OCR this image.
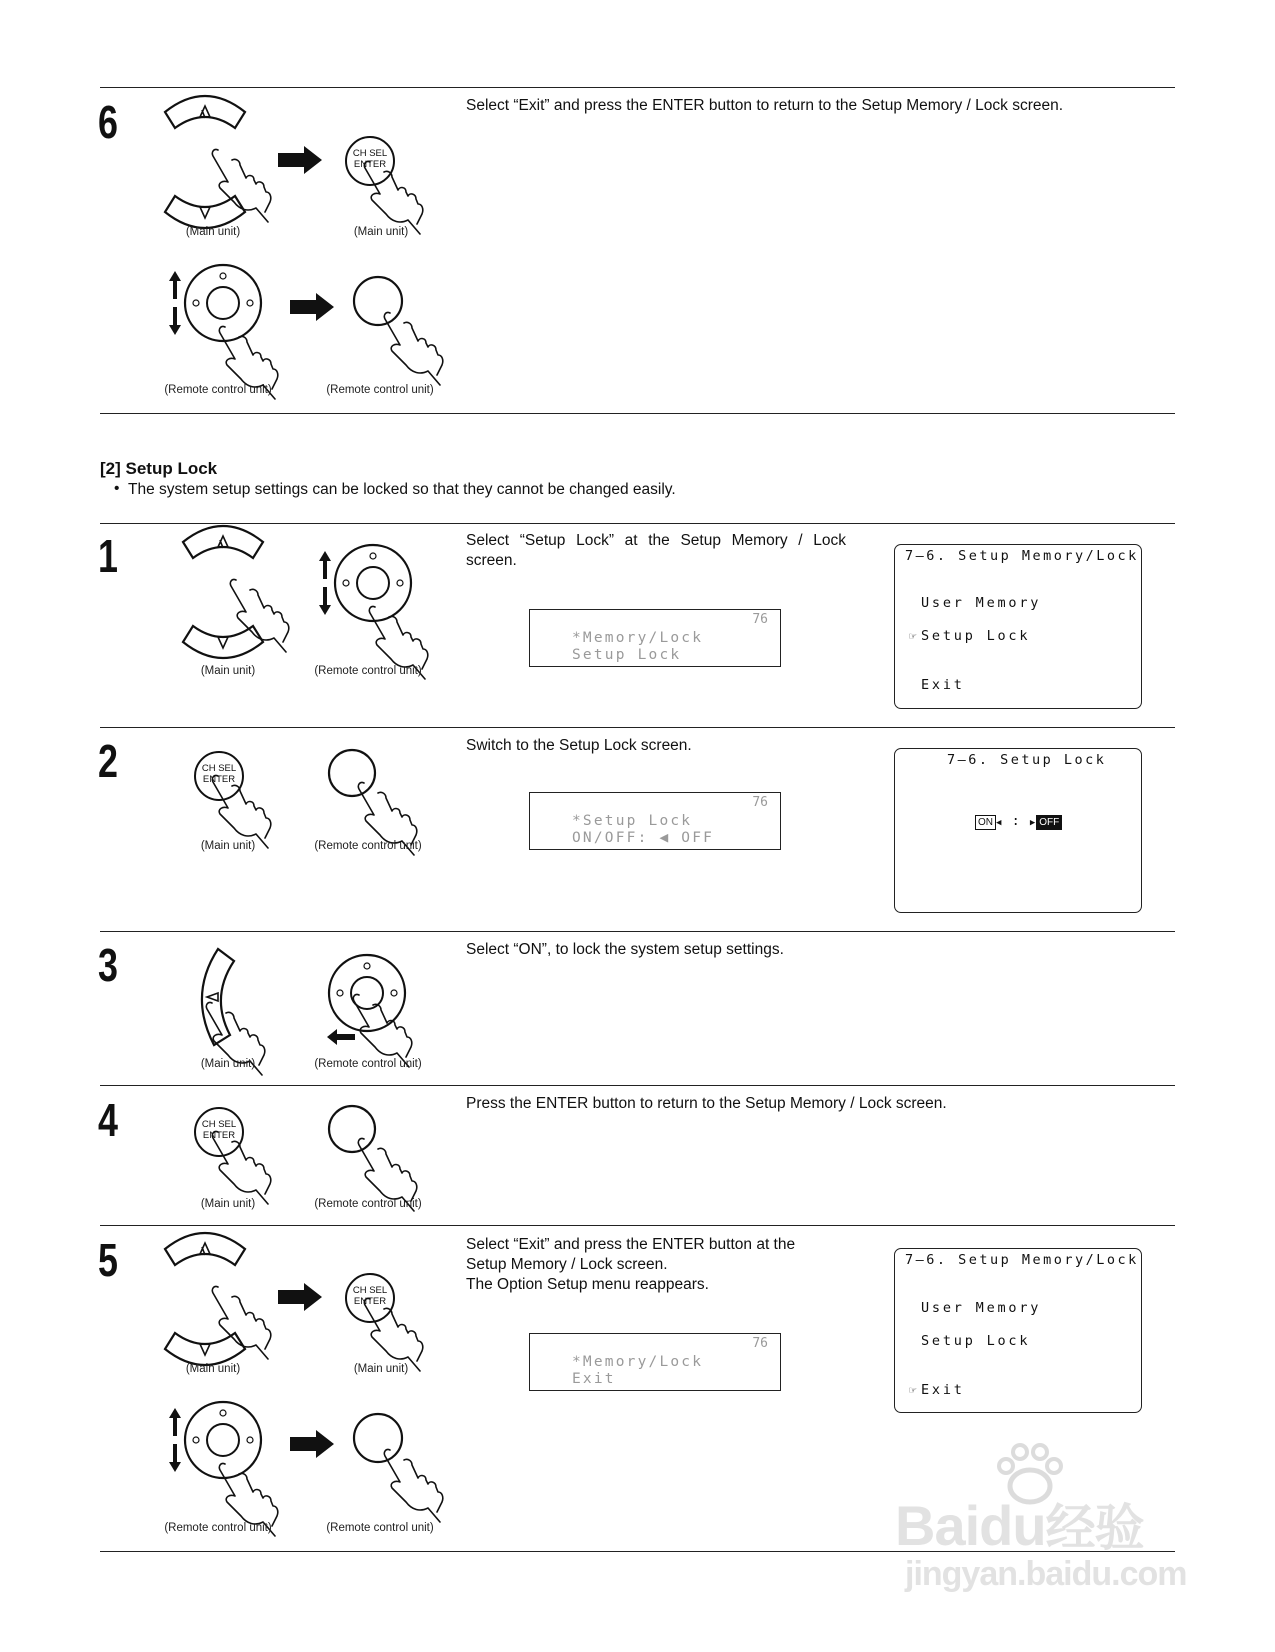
6
CH SEL
ENTER
(Main unit)	(Main unit)
(Remote control unit)	(Remote control unit)
Select “Exit” and press the ENTER button to return to the Setup Memory / Lock screen.
[2] Setup Lock
• The system setup settings can be locked so that they cannot be changed easily.
1
(Main unit)	(Remote control unit)
Select “Setup Lock” at the Setup Memory / Lock screen.
76
*Memory/Lock
Setup Lock
7—6. Setup Memory/Lock
User Memory
☞ Setup Lock
Exit
2	CH SEL
ENTER
(Main unit)	(Remote control unit)
Switch to the Setup Lock screen.
76
*Setup Lock
ON/OFF: ◀ OFF
7—6. Setup Lock
ON ◀ : ▶ OFF
3
(Main unit)	(Remote control unit)
Select “ON”, to lock the system setup settings.
4	CH SEL
ENTER
(Main unit)	(Remote control unit)
Press the ENTER button to return to the Setup Memory / Lock screen.
5
CH SEL
ENTER
(Main unit)	(Main unit)
(Remote control unit)	(Remote control unit)
Select “Exit” and press the ENTER button at the
Setup Memory / Lock screen.
The Option Setup menu reappears.
76
*Memory/Lock
Exit
7—6. Setup Memory/Lock
User Memory
Setup Lock
☞ Exit
Baidu经验
jingyan.baidu.com
